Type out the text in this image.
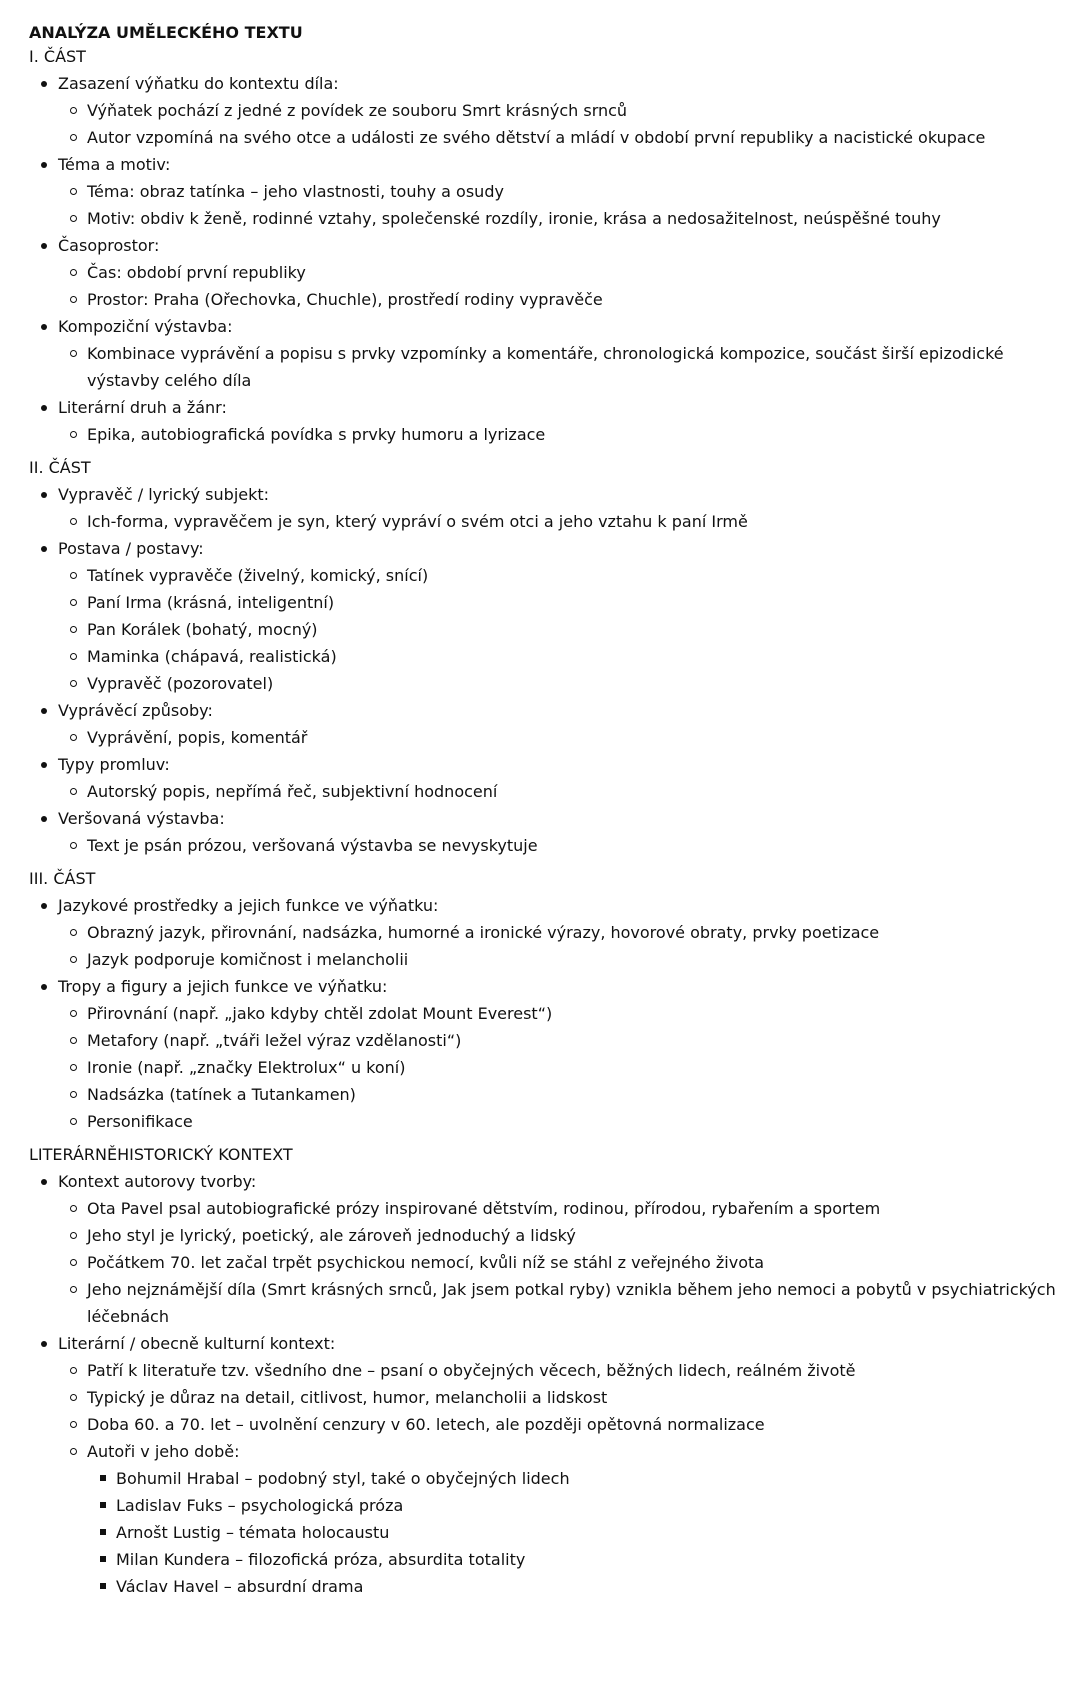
ANALÝZA UMĚLECKÉHO TEXTU
I. ČÁST
Zasazení výňatku do kontextu díla:
Výňatek pochází z jedné z povídek ze souboru Smrt krásných srnců
Autor vzpomíná na svého otce a události ze svého dětství a mládí v období první republiky a nacistické okupace
Téma a motiv:
Téma: obraz tatínka – jeho vlastnosti, touhy a osudy
Motiv: obdiv k ženě, rodinné vztahy, společenské rozdíly, ironie, krása a nedosažitelnost, neúspěšné touhy
Časoprostor:
Čas: období první republiky
Prostor: Praha (Ořechovka, Chuchle), prostředí rodiny vypravěče
Kompoziční výstavba:
Kombinace vyprávění a popisu s prvky vzpomínky a komentáře, chronologická kompozice, součást širší epizodické výstavby celého díla
Literární druh a žánr:
Epika, autobiografická povídka s prvky humoru a lyrizace
II. ČÁST
Vypravěč / lyrický subjekt:
Ich-forma, vypravěčem je syn, který vypráví o svém otci a jeho vztahu k paní Irmě
Postava / postavy:
Tatínek vypravěče (živelný, komický, snící)
Paní Irma (krásná, inteligentní)
Pan Korálek (bohatý, mocný)
Maminka (chápavá, realistická)
Vypravěč (pozorovatel)
Vyprávěcí způsoby:
Vyprávění, popis, komentář
Typy promluv:
Autorský popis, nepřímá řeč, subjektivní hodnocení
Veršovaná výstavba:
Text je psán prózou, veršovaná výstavba se nevyskytuje
III. ČÁST
Jazykové prostředky a jejich funkce ve výňatku:
Obrazný jazyk, přirovnání, nadsázka, humorné a ironické výrazy, hovorové obraty, prvky poetizace
Jazyk podporuje komičnost i melancholii
Tropy a figury a jejich funkce ve výňatku:
Přirovnání (např. „jako kdyby chtěl zdolat Mount Everest“)
Metafory (např. „tváři ležel výraz vzdělanosti“)
Ironie (např. „značky Elektrolux“ u koní)
Nadsázka (tatínek a Tutankamen)
Personifikace
LITERÁRNĚHISTORICKÝ KONTEXT
Kontext autorovy tvorby:
Ota Pavel psal autobiografické prózy inspirované dětstvím, rodinou, přírodou, rybařením a sportem
Jeho styl je lyrický, poetický, ale zároveň jednoduchý a lidský
Počátkem 70. let začal trpět psychickou nemocí, kvůli níž se stáhl z veřejného života
Jeho nejznámější díla (Smrt krásných srnců, Jak jsem potkal ryby) vznikla během jeho nemoci a pobytů v psychiatrických léčebnách
Literární / obecně kulturní kontext:
Patří k literatuře tzv. všedního dne – psaní o obyčejných věcech, běžných lidech, reálném životě
Typický je důraz na detail, citlivost, humor, melancholii a lidskost
Doba 60. a 70. let – uvolnění cenzury v 60. letech, ale později opětovná normalizace
Autoři v jeho době:
Bohumil Hrabal – podobný styl, také o obyčejných lidech
Ladislav Fuks – psychologická próza
Arnošt Lustig – témata holocaustu
Milan Kundera – filozofická próza, absurdita totality
Václav Havel – absurdní drama
